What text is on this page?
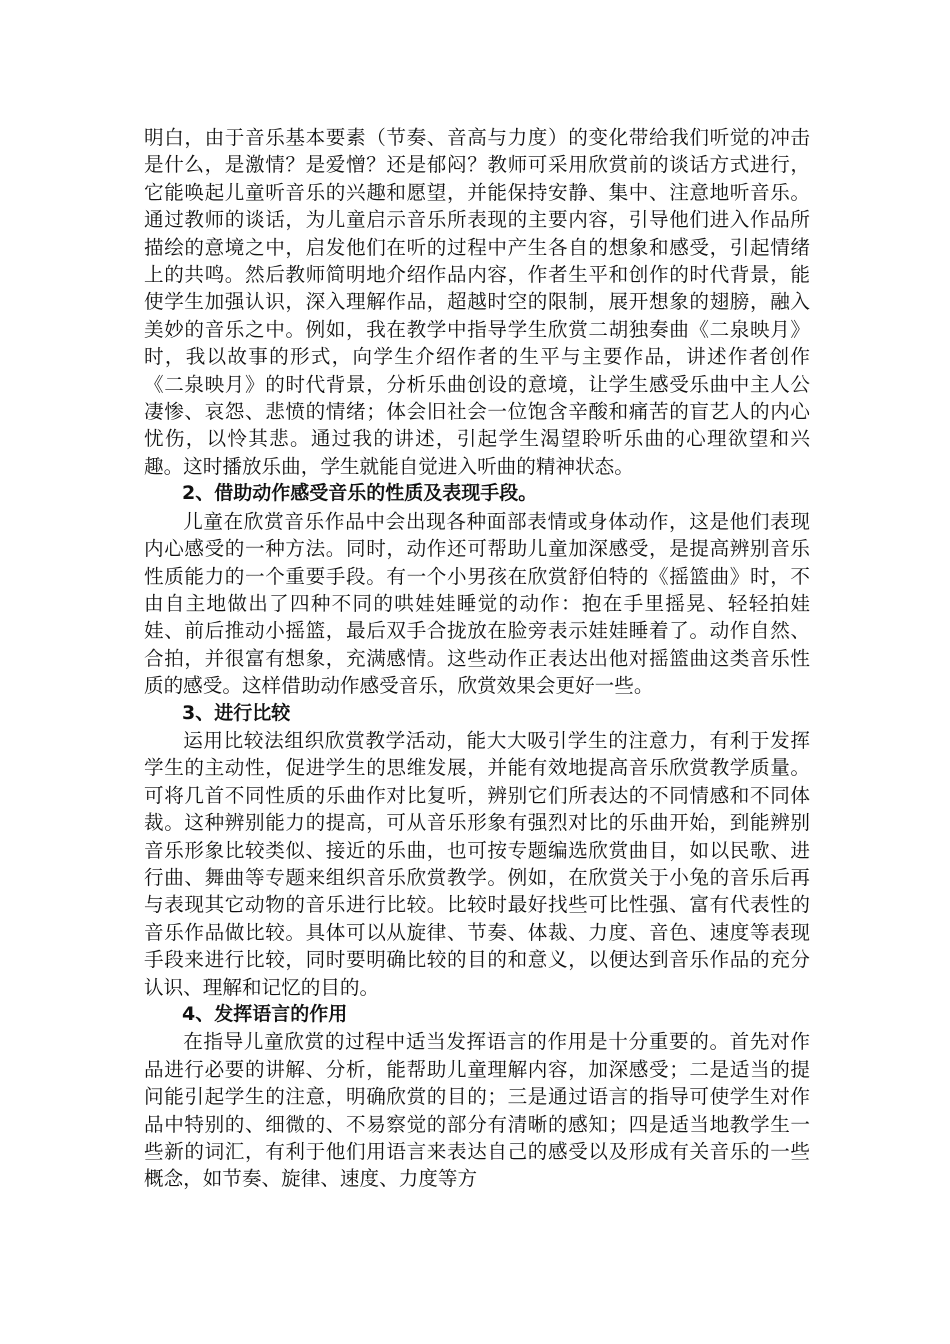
明白，由于音乐基本要素（节奏、音高与力度）的变化带给我们听觉的冲击是什么，是激情？是爱憎？还是郁闷？教师可采用欣赏前的谈话方式进行，它能唤起儿童听音乐的兴趣和愿望，并能保持安静、集中、注意地听音乐。通过教师的谈话，为儿童启示音乐所表现的主要内容，引导他们进入作品所描绘的意境之中，启发他们在听的过程中产生各自的想象和感受，引起情绪上的共鸣。然后教师简明地介绍作品内容，作者生平和创作的时代背景，能使学生加强认识，深入理解作品，超越时空的限制，展开想象的翅膀，融入美妙的音乐之中。例如，我在教学中指导学生欣赏二胡独奏曲《二泉映月》时，我以故事的形式，向学生介绍作者的生平与主要作品，讲述作者创作《二泉映月》的时代背景，分析乐曲创设的意境，让学生感受乐曲中主人公凄惨、哀怨、悲愤的情绪；体会旧社会一位饱含辛酸和痛苦的盲艺人的内心忧伤，以怜其悲。通过我的讲述，引起学生渴望聆听乐曲的心理欲望和兴趣。这时播放乐曲，学生就能自觉进入听曲的精神状态。

2、借助动作感受音乐的性质及表现手段。

儿童在欣赏音乐作品中会出现各种面部表情或身体动作，这是他们表现内心感受的一种方法。同时，动作还可帮助儿童加深感受，是提高辨别音乐性质能力的一个重要手段。有一个小男孩在欣赏舒伯特的《摇篮曲》时，不由自主地做出了四种不同的哄娃娃睡觉的动作：抱在手里摇晃、轻轻拍娃娃、前后推动小摇篮，最后双手合拢放在脸旁表示娃娃睡着了。动作自然、合拍，并很富有想象，充满感情。这些动作正表达出他对摇篮曲这类音乐性质的感受。这样借助动作感受音乐，欣赏效果会更好一些。

3、进行比较

运用比较法组织欣赏教学活动，能大大吸引学生的注意力，有利于发挥学生的主动性，促进学生的思维发展，并能有效地提高音乐欣赏教学质量。可将几首不同性质的乐曲作对比复听，辨别它们所表达的不同情感和不同体裁。这种辨别能力的提高，可从音乐形象有强烈对比的乐曲开始，到能辨别音乐形象比较类似、接近的乐曲，也可按专题编选欣赏曲目，如以民歌、进行曲、舞曲等专题来组织音乐欣赏教学。例如，在欣赏关于小兔的音乐后再与表现其它动物的音乐进行比较。比较时最好找些可比性强、富有代表性的音乐作品做比较。具体可以从旋律、节奏、体裁、力度、音色、速度等表现手段来进行比较，同时要明确比较的目的和意义，以便达到音乐作品的充分认识、理解和记忆的目的。

4、发挥语言的作用

在指导儿童欣赏的过程中适当发挥语言的作用是十分重要的。首先对作品进行必要的讲解、分析，能帮助儿童理解内容，加深感受；二是适当的提问能引起学生的注意，明确欣赏的目的；三是通过语言的指导可使学生对作品中特别的、细微的、不易察觉的部分有清晰的感知；四是适当地教学生一些新的词汇，有利于他们用语言来表达自己的感受以及形成有关音乐的一些概念，如节奏、旋律、速度、力度等方
